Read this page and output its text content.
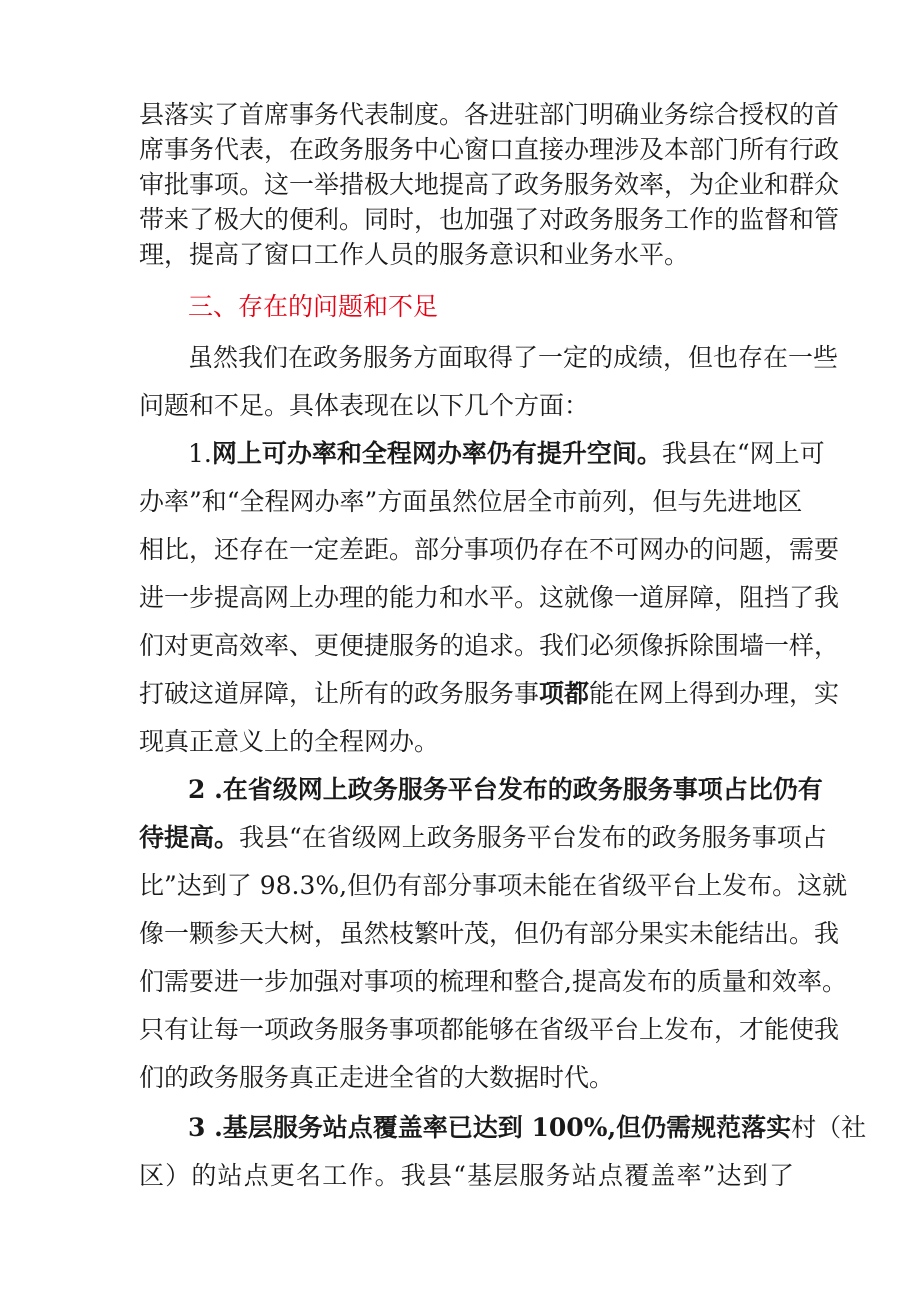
县落实了首席事务代表制度。各进驻部门明确业务综合授权的首
席事务代表，在政务服务中心窗口直接办理涉及本部门所有行政
审批事项。这一举措极大地提高了政务服务效率，为企业和群众
带来了极大的便利。同时，也加强了对政务服务工作的监督和管
理，提高了窗口工作人员的服务意识和业务水平。
三、存在的问题和不足
虽然我们在政务服务方面取得了一定的成绩，但也存在一些
问题和不足。具体表现在以下几个方面：
1.网上可办率和全程网办率仍有提升空间。我县在“网上可
办率”和“全程网办率”方面虽然位居全市前列，但与先进地区
相比，还存在一定差距。部分事项仍存在不可网办的问题，需要
进一步提高网上办理的能力和水平。这就像一道屏障，阻挡了我
们对更高效率、更便捷服务的追求。我们必须像拆除围墙一样，
打破这道屏障，让所有的政务服务事项都能在网上得到办理，实
现真正意义上的全程网办。
2 .在省级网上政务服务平台发布的政务服务事项占比仍有
待提高。我县“在省级网上政务服务平台发布的政务服务事项占
比”达到了 98.3%,但仍有部分事项未能在省级平台上发布。这就
像一颗参天大树，虽然枝繁叶茂，但仍有部分果实未能结出。我
们需要进一步加强对事项的梳理和整合,提高发布的质量和效率。
只有让每一项政务服务事项都能够在省级平台上发布，才能使我
们的政务服务真正走进全省的大数据时代。
3 .基层服务站点覆盖率已达到 100%,但仍需规范落实村（社
区）的站点更名工作。我县“基层服务站点覆盖率”达到了
